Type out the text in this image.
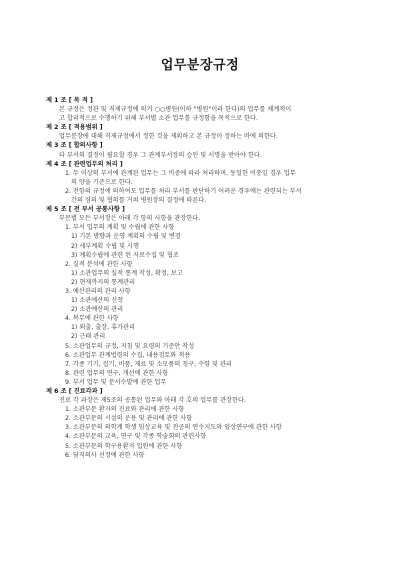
업무분장규정
제 1 조 [ 목 적 ]
본 규정은 정관 및 직제규정에 의거 ○○병원(이하 "병원"이라 한다)의 업무를 체계적이
고 합리적으로 수행하기 위해 부서별 소관 업무를 규정함을 목적으로 한다.
제 2 조 [ 적용범위 ]
업무분장에 대해 직제규정에서 정한 것을 제외하고 본 규정이 정하는 바에 의한다.
제 3 조 [ 합의사항 ]
타 부서의 결정이 필요할 경우 그 관계부서장의 승인 및 서명을 받아야 한다.
제 4 조 [ 관련업무의 처리 ]
1. 두 이상의 부서에 관계된 업무는 그 비중에 따라 처리하며, 동일한 비중일 경우 업무
의 양을 기준으로 한다.
2. 전항의 규정에 의하여도 업무를 처리 부서를 판단하기 어려운 경우에는 관련되는 부서
간의 심의 및 협의를 거쳐 병원장의 결정에 따른다.
제 5 조 [ 전 부서 공통사항 ]
부문별 모든 부서장은 아래 각 항의 사항을 관장한다.
1. 부서 업무의 계획 및 수립에 관한 사항
1) 기본 방향과 운영 계획의 수립 및 변경
2) 세부계획 수립 및 시행
3) 계획수립에 관련 된 자료수집 및 협조
2. 실적 분석에 관한 사항
1) 소관업무의 실적 통계 작성, 확정, 보고
2) 현재까지의 통계관리
3. 예산관리의 관리 사항
1) 소관예산의 신청
2) 소관예산의 관리
4. 복무에 관한 사항
1) 외출, 출장, 휴가관리
2) 근태 관리
5. 소관업무의 규정, 지침 및 요령의 기준안 작성
6. 소관업무 관계법령의 수집, 내용검토와 적용
7. 각종 기기, 집기, 비품, 재료 및 소모품의 청구, 수령 및 관리
8. 관련 업무의 연구, 개선에 관한 사항
9. 부서 업무 및 문서수발에 관한 업무
제 6 조 [ 진료각과 ]
진료 각 과장은 제5조의 공통된 업무와 아래 각 호의 업무를 관장한다.
1. 소관부문 환자의 진료와 관리에 관한 사항
2. 소관부문의 시설의 운용 및 관리에 관한 사항
3. 소관부문의 의학계 학생 임상교육 및 전공의 연수지도와 임상연구에 관한 사항
4. 소관부문의 교육, 연구 및 각종 학술회의 관련사항
5. 소관부문의 학구용환자 입원에 관한 사항
6. 담직의사 선정에 관한 사항
